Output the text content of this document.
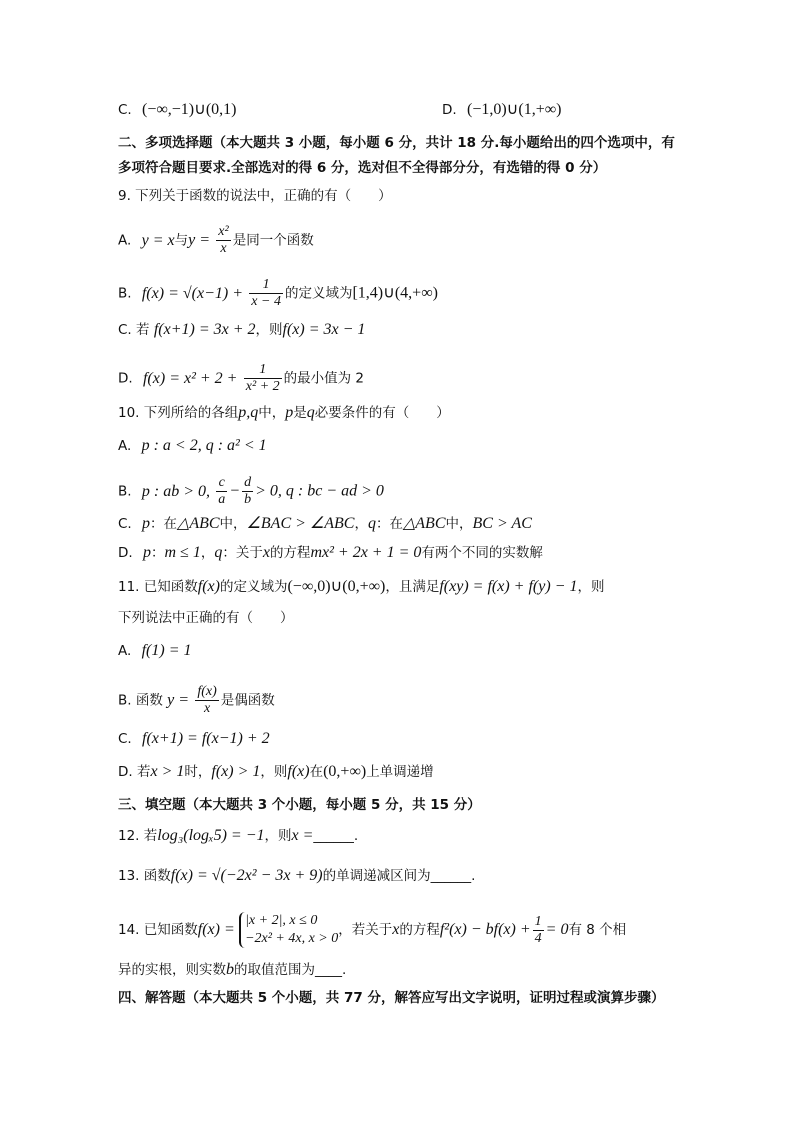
C. (−∞,−1)∪(0,1)	D. (−1,0)∪(1,+∞)
二、多项选择题（本大题共 3 小题，每小题 6 分，共计 18 分.每小题给出的四个选项中，有
多项符合题目要求.全部选对的得 6 分，选对但不全得部分分，有选错的得 0 分）
9. 下列关于函数的说法中，正确的有（　　）
A. y = x与$y = \frac{\text{x²}}{x}$ 是同一个函数
B. $f(x) = √(x-1) + \frac{1}{x - 4}$ 的定义域为[1,4)∪(4,+∞)
C. 若 f(x+1) = 3x + 2，则f(x) = 3x − 1
D. $f(x) = x^2 + 2 + \frac{1}{\text{x² + 2}}$ 的最小值为 2
10. 下列所给的各组p,q中，p是q必要条件的有（　　）
A. p : a < 2, q : a² < 1
B. p : ab > 0, $\frac{c}{a} - \frac{d}{b} > 0$, q : bc − ad > 0
C. p：在△ABC中，∠BAC > ∠ABC，q：在△ABC中，BC > AC
D. p：m ≤ 1，q：关于x的方程mx² + 2x + 1 = 0有两个不同的实数解
11. 已知函数f(x)的定义域为(−∞,0)∪(0,+∞)，且满足f(xy) = f(x) + f(y) − 1，则
下列说法中正确的有（　　）
A. f(1) = 1
B. 函数 $y = \frac{f(x)}{x}$ 是偶函数
C. f(x+1) = f(x−1) + 2
D. 若x > 1时，f(x) > 1，则f(x)在(0,+∞)上单调递增
三、填空题（本大题共 3 个小题，每小题 5 分，共 15 分）
12. 若log₃(logₓ5) = −1，则x =______.
13. 函数f(x) = √(−2x² − 3x + 9)的单调递减区间为______.
14. 已知函数f(x) =
|x + 2|, x ≤ 0
−2x² + 4x, x > 0
，若关于x的方程$f^2(x) - bf(x) + \frac{1}{4} = 0$有 8 个相
异的实根，则实数b的取值范围为____.
四、解答题（本大题共 5 个小题，共 77 分，解答应写出文字说明，证明过程或演算步骤）
